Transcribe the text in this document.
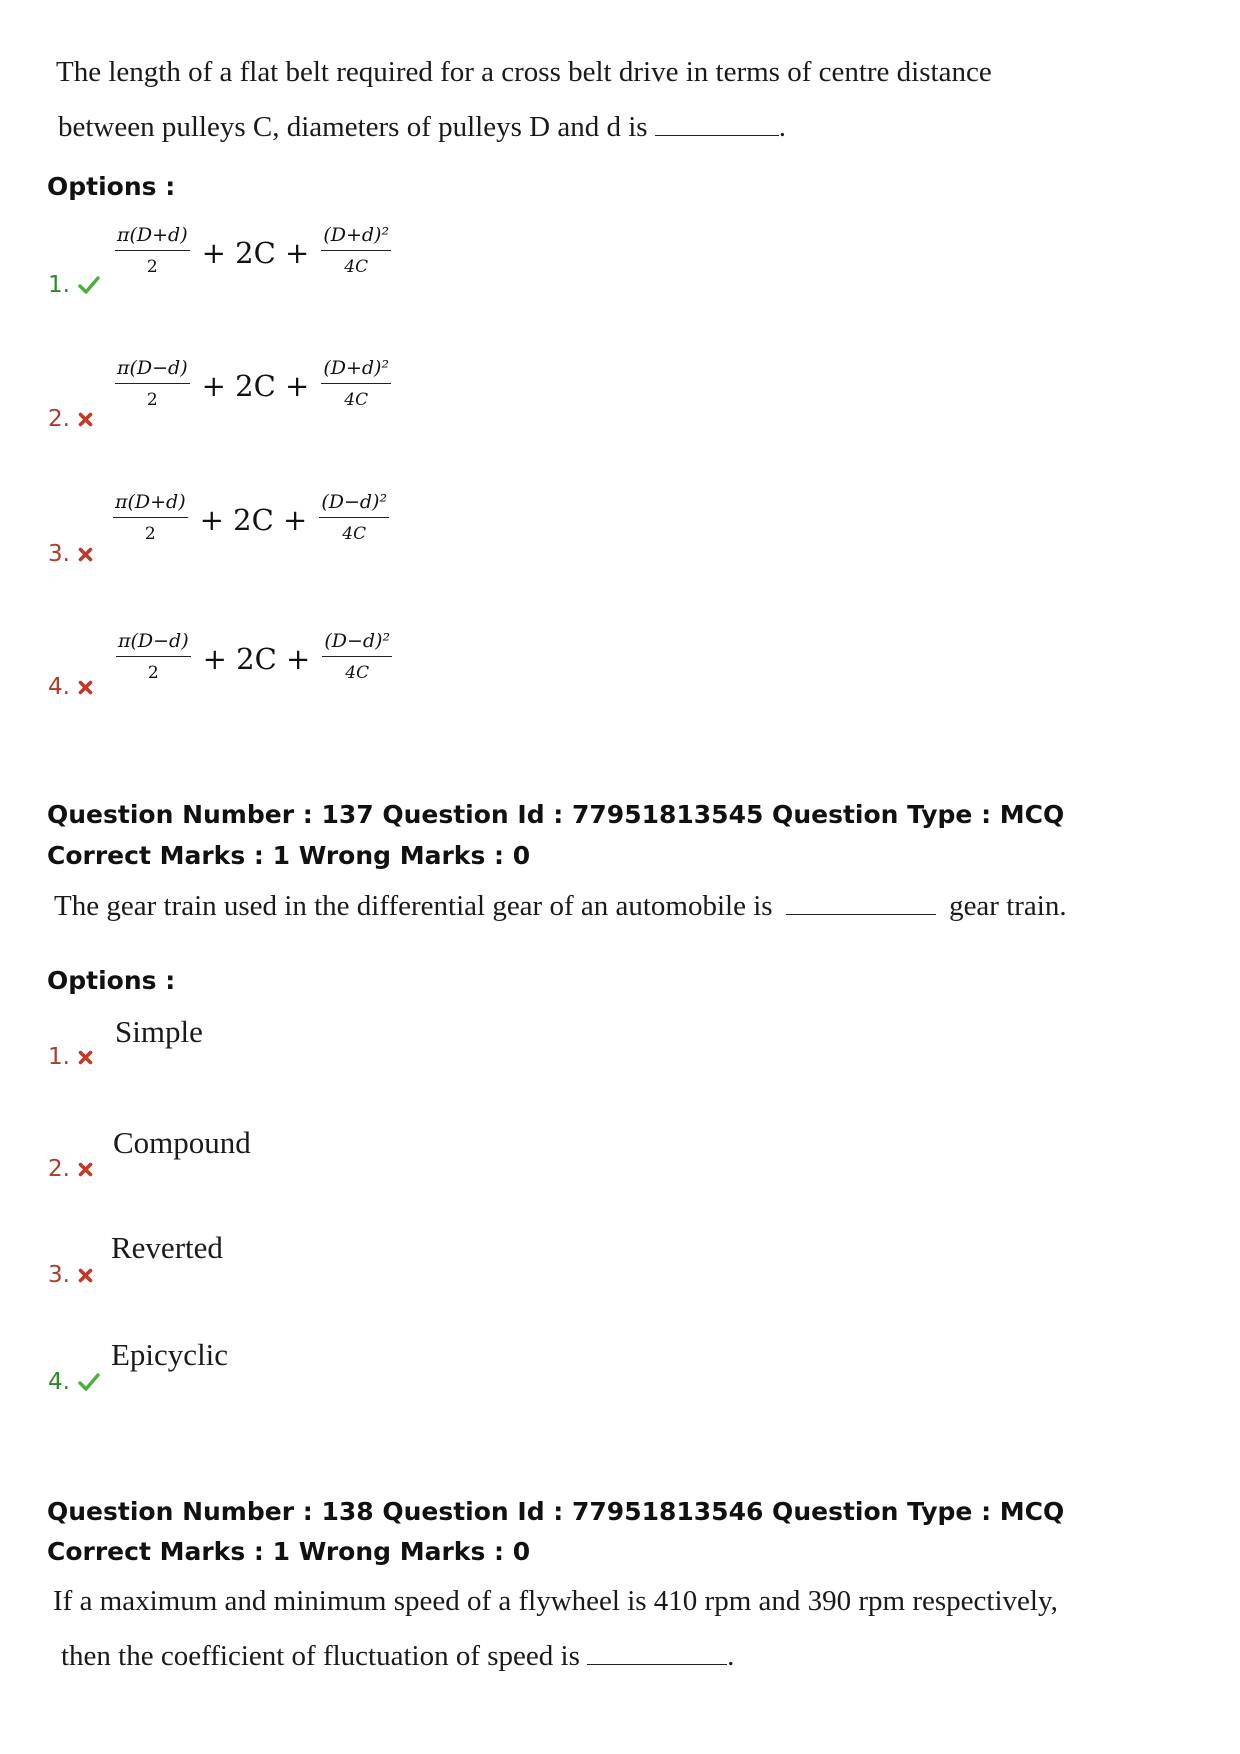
The length of a flat belt required for a cross belt drive in terms of centre distance
between pulleys C, diameters of pulleys D and d is	.
Options :
$\frac{\pi(D+d)}{2} + 2C + \frac{\text{(D+d)²}}{4C}$
1.
$\frac{\pi(D-d)}{2} + 2C + \frac{\text{(D+d)²}}{4C}$
2.
$\frac{\pi(D+d)}{2} + 2C + \frac{\text{(D−d)²}}{4C}$
3.
$\frac{\pi(D-d)}{2} + 2C + \frac{\text{(D−d)²}}{4C}$
4.
Question Number : 137 Question Id : 77951813545 Question Type : MCQ
Correct Marks : 1 Wrong Marks : 0
The gear train used in the differential gear of an automobile is	gear train.
Options :
Simple
1.
Compound
2.
Reverted
3.
Epicyclic
4.
Question Number : 138 Question Id : 77951813546 Question Type : MCQ
Correct Marks : 1 Wrong Marks : 0
If a maximum and minimum speed of a flywheel is 410 rpm and 390 rpm respectively,
then the coefficient of fluctuation of speed is	.
